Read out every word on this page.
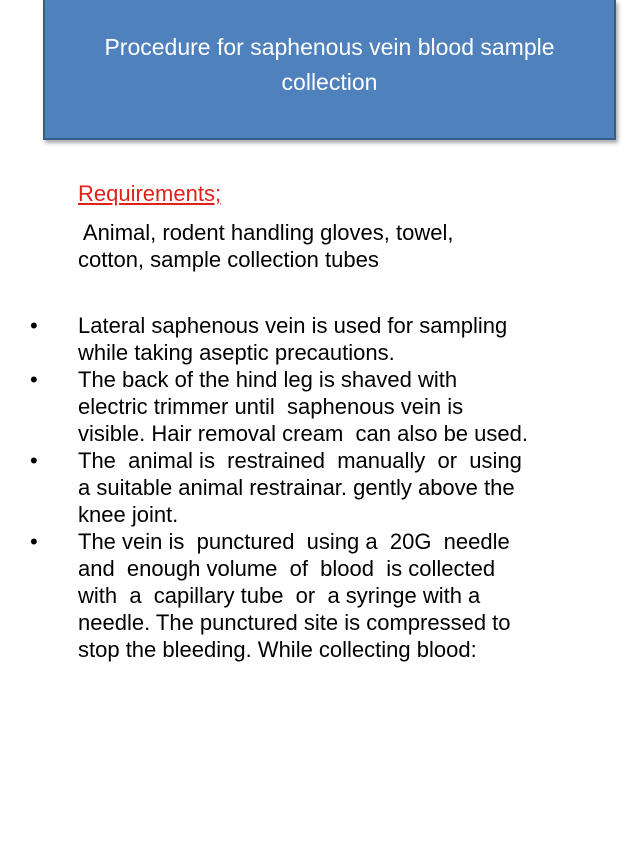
Procedure for saphenous vein blood sample
collection
Requirements;
Animal, rodent handling gloves, towel,
cotton, sample collection tubes
• Lateral saphenous vein is used for sampling
while taking aseptic precautions.
• The back of the hind leg is shaved with
electric trimmer until  saphenous vein is
visible. Hair removal cream  can also be used.
• The  animal is  restrained  manually  or  using
a suitable animal restrainar. gently above the
knee joint.
• The vein is  punctured  using a  20G  needle
and  enough volume  of  blood  is collected
with  a  capillary tube  or  a syringe with a
needle. The punctured site is compressed to
stop the bleeding. While collecting blood:
